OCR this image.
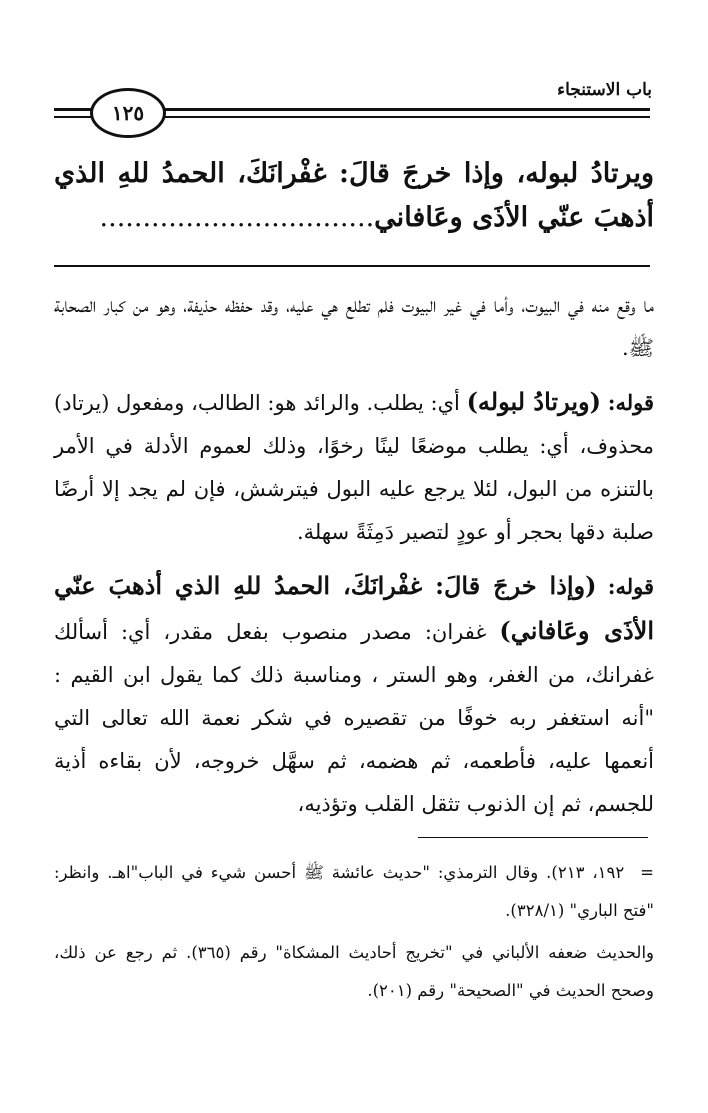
باب الاستنجاء
١٢٥
ويرتادُ لبوله، وإذا خرجَ قالَ: غفْرانَكَ، الحمدُ للهِ الذي أذهبَ عنّي الأذَى وعَافاني................................

ما وقع منه في البيوت، وأما في غير البيوت فلم تطلع هي عليه، وقد حفظه حذيفة، وهو من كبار الصحابة ﷺ.

قوله: (ويرتادُ لبوله) أي: يطلب. والرائد هو: الطالب، ومفعول (يرتاد) محذوف، أي: يطلب موضعًا لينًا رخوًا، وذلك لعموم الأدلة في الأمر بالتنزه من البول، لئلا يرجع عليه البول فيترشش، فإن لم يجد إلا أرضًا صلبة دقها بحجر أو عودٍ لتصير دَمِثَةً سهلة.

قوله: (وإذا خرجَ قالَ: غفْرانَكَ، الحمدُ للهِ الذي أذهبَ عنّي الأذَى وعَافاني) غفران: مصدر منصوب بفعل مقدر، أي: أسألك غفرانك، من الغفر، وهو الستر ، ومناسبة ذلك كما يقول ابن القيم : "أنه استغفر ربه خوفًا من تقصيره في شكر نعمة الله تعالى التي أنعمها عليه، فأطعمه، ثم هضمه، ثم سهَّل خروجه، لأن بقاءه أذية للجسم، ثم إن الذنوب تثقل القلب وتؤذيه،

= ١٩٢، ٢١٣). وقال الترمذي: "حديث عائشة ﷺ أحسن شيء في الباب"اهـ. وانظر: "فتح الباري" (٣٢٨/١).

والحديث ضعفه الألباني في "تخريج أحاديث المشكاة" رقم (٣٦٥). ثم رجع عن ذلك، وصحح الحديث في "الصحيحة" رقم (٢٠١).
